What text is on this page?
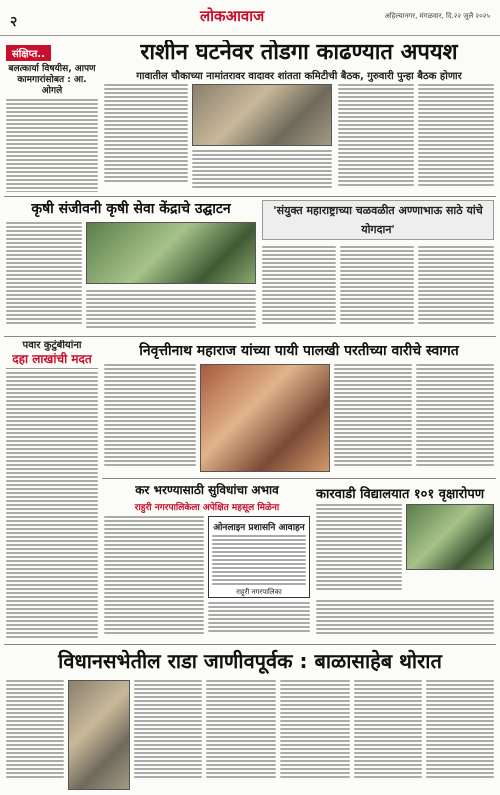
२	लोकआवाज	अहिल्यानगर, मंगळवार, दि.२२ जुलै २०२५
संक्षिप्त..
बलत्कार्या विषयीस, आपण कामगारांसोबत : आ. ओगले
राशीन घटनेवर तोडगा काढण्यात अपयश
गावातील चौकाच्या नामांतरावर वादावर शांतता कमिटीची बैठक, गुरुवारी पुन्हा बैठक होणार
कृषी संजीवनी कृषी सेवा केंद्राचे उद्घाटन	'संयुक्त महाराष्ट्राच्या चळवळीत अण्णाभाऊ साठे यांचे योगदान'
पवार कुटुंबीयांना
दहा लाखांची मदत	निवृत्तीनाथ महाराज यांच्या पायी पालखी परतीच्या वारीचे स्वागत
कर भरण्यासाठी सुविधांचा अभाव
राहुरी नगरपालिकेला अपेक्षित महसूल मिळेना
ओनलाइन प्रशासनि आवाहन
राहुरी नगरपालिका
कारवाडी विद्यालयात १०१ वृक्षारोपण
विधानसभेतील राडा जाणीवपूर्वक : बाळासाहेब थोरात
